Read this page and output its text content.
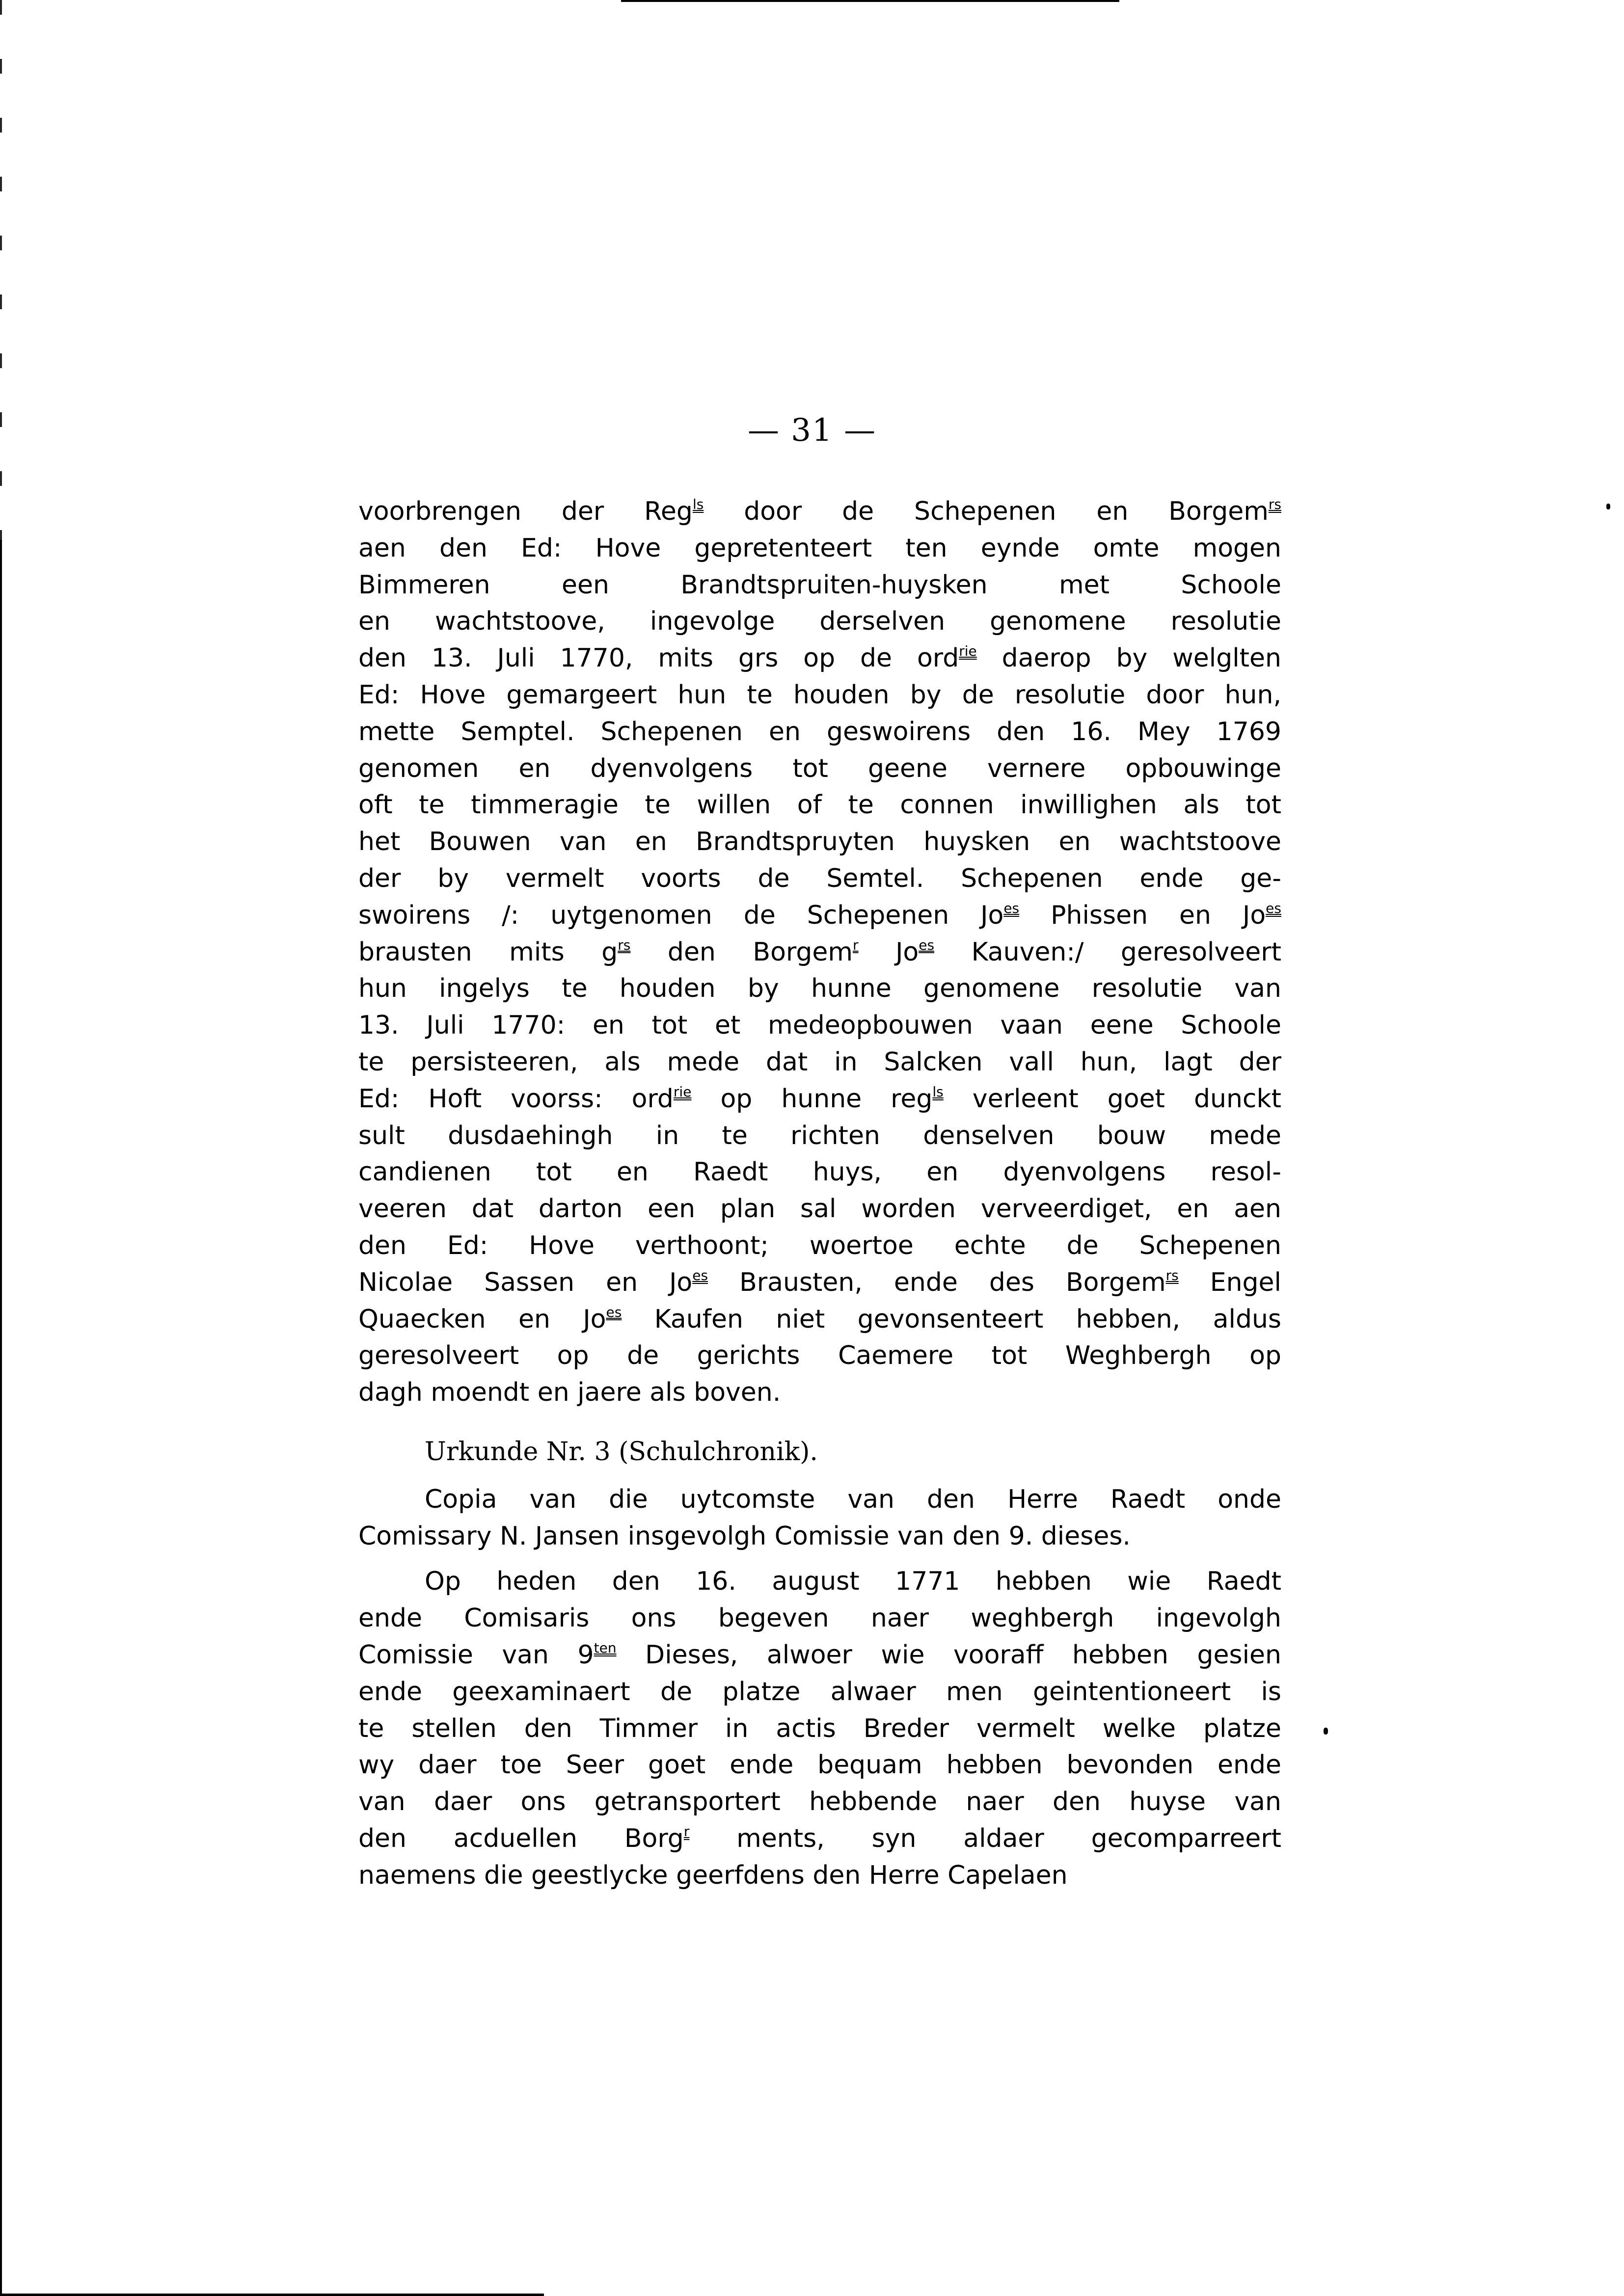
— 31 —
voorbrengen der Reg$^{ls}$ door de Schepenen en Borgem$^{rs}$
aen den Ed: Hove gepretenteert ten eynde omte mogen
Bimmeren een Brandtspruiten-huysken met Schoole
en wachtstoove, ingevolge derselven genomene resolutie
den 13. Juli 1770, mits grs op de ord$^{rie}$ daerop by welglten
Ed: Hove gemargeert hun te houden by de resolutie door hun,
mette Semptel. Schepenen en geswoirens den 16. Mey 1769
genomen en dyenvolgens tot geene vernere opbouwinge
oft te timmeragie te willen of te connen inwillighen als tot
het Bouwen van en Brandtspruyten huysken en wachtstoove
der by vermelt voorts de Semtel. Schepenen ende ge-
swoirens /: uytgenomen de Schepenen $Jo^{es}$ Phissen en $Jo^{es}$
brausten mits $g^{rs}$ den Borgem$^r$ $Jo^{es}$ Kauven:/ geresolveert
hun ingelys te houden by hunne genomene resolutie van
13. Juli 1770: en tot et medeopbouwen vaan eene Schoole
te persisteeren, als mede dat in Salcken vall hun, lagt der
Ed: Hoft voorss: ord$^{rie}$ op hunne reg$^{ls}$ verleent goet dunckt
sult dusdaehingh in te richten denselven bouw mede
candienen tot en Raedt huys, en dyenvolgens resol-
veeren dat darton een plan sal worden verveerdiget, en aen
den Ed: Hove verthoont; woertoe echte de Schepenen
Nicolae Sassen en $Jo^{es}$ Brausten, ende des Borgem$^{rs}$ Engel
Quaecken en $Jo^{es}$ Kaufen niet gevonsenteert hebben, aldus
geresolveert op de gerichts Caemere tot Weghbergh op
dagh moendt en jaere als boven.
Urkunde Nr. 3 (Schulchronik).
Copia van die uytcomste van den Herre Raedt onde
Comissary N. Jansen insgevolgh Comissie van den 9. dieses.
Op heden den 16. august 1771 hebben wie Raedt
ende Comisaris ons begeven naer weghbergh ingevolgh
Comissie van $9^{ten}$ Dieses, alwoer wie vooraff hebben gesien
ende geexaminaert de platze alwaer men geintentioneert is
te stellen den Timmer in actis Breder vermelt welke platze
wy daer toe Seer goet ende bequam hebben bevonden ende
van daer ons getransportert hebbende naer den huyse van
den acduellen Borg$^r$ ments, syn aldaer gecomparreert
naemens die geestlycke geerfdens den Herre Capelaen
